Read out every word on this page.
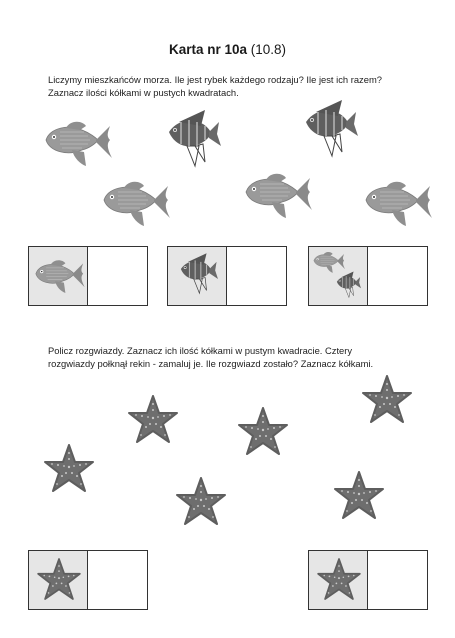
Karta nr 10a (10.8)
Liczymy mieszkańców morza. Ile jest rybek każdego rodzaju? Ile jest ich razem?
Zaznacz ilości kółkami w pustych kwadratach.
Policz rozgwiazdy. Zaznacz ich ilość kółkami w pustym kwadracie. Cztery
rozgwiazdy połknął rekin - zamaluj je. Ile rozgwiazd zostało? Zaznacz kółkami.
